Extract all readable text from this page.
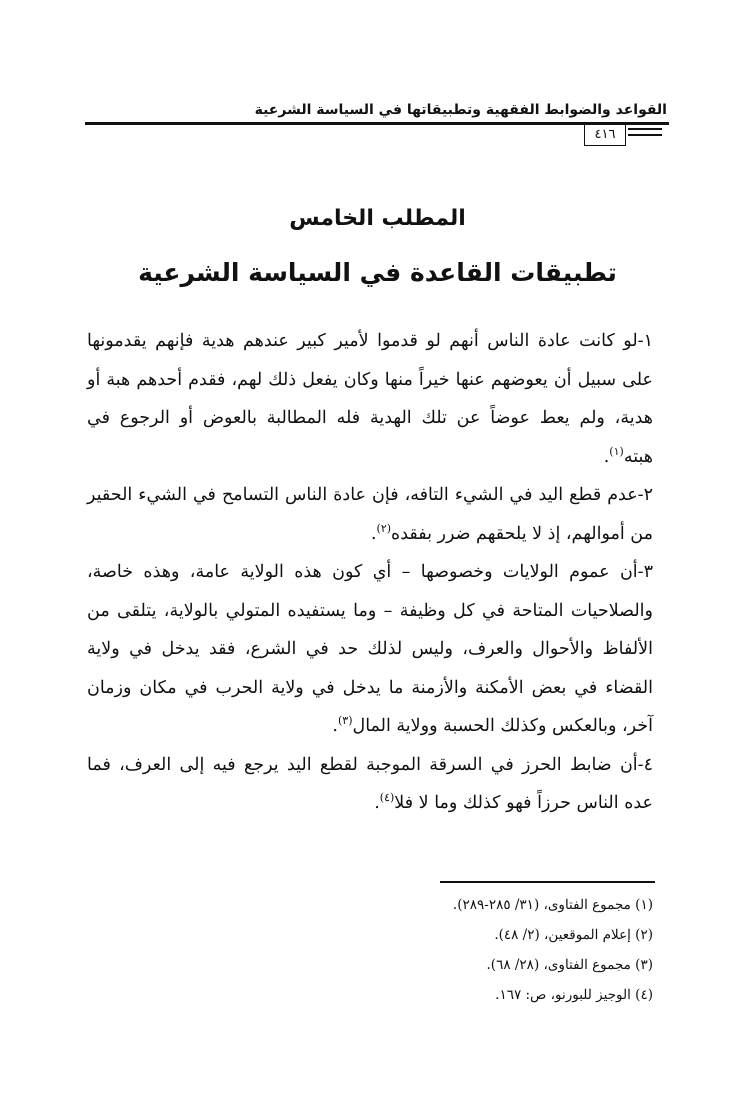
القواعد والضوابط الفقهية وتطبيقاتها في السياسة الشرعية
٤١٦
المطلب الخامس
تطبيقات القاعدة في السياسة الشرعية

١-لو كانت عادة الناس أنهم لو قدموا لأمير كبير عندهم هدية فإنهم يقدمونها على سبيل أن يعوضهم عنها خيراً منها وكان يفعل ذلك لهم، فقدم أحدهم هبة أو هدية، ولم يعط عوضاً عن تلك الهدية فله المطالبة بالعوض أو الرجوع في هبته$^{(١)}$.

٢-عدم قطع اليد في الشيء التافه، فإن عادة الناس التسامح في الشيء الحقير من أموالهم، إذ لا يلحقهم ضرر بفقده$^{(٢)}$.

٣-أن عموم الولايات وخصوصها – أي كون هذه الولاية عامة، وهذه خاصة، والصلاحيات المتاحة في كل وظيفة – وما يستفيده المتولي بالولاية، يتلقى من الألفاظ والأحوال والعرف، وليس لذلك حد في الشرع، فقد يدخل في ولاية القضاء في بعض الأمكنة والأزمنة ما يدخل في ولاية الحرب في مكان وزمان آخر، وبالعكس وكذلك الحسبة وولاية المال$^{(٣)}$.

٤-أن ضابط الحرز في السرقة الموجبة لقطع اليد يرجع فيه إلى العرف، فما عده الناس حرزاً فهو كذلك وما لا فلا$^{(٤)}$.

(١) مجموع الفتاوى، (٣١/ ٢٨٥-٢٨٩).

(٢) إعلام الموقعين، (٢/ ٤٨).

(٣) مجموع الفتاوى، (٢٨/ ٦٨).

(٤) الوجيز للبورنو، ص: ١٦٧.
